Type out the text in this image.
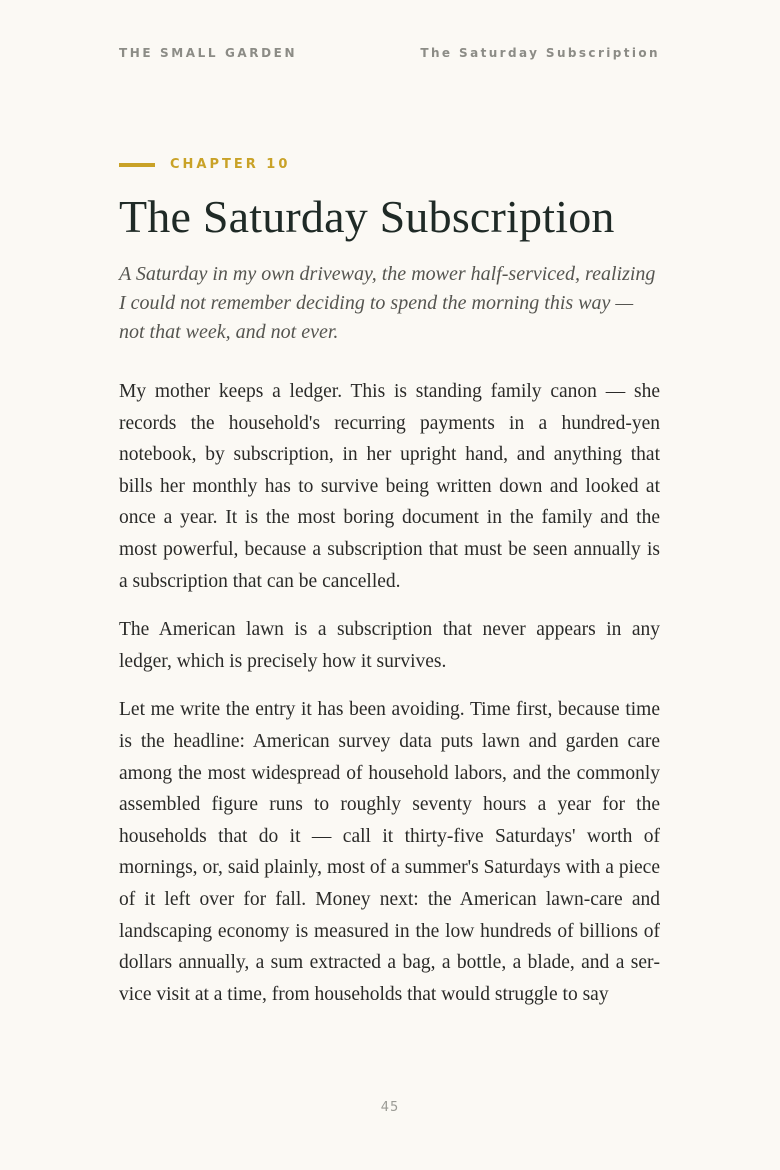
THE SMALL GARDEN	The Saturday Subscription
CHAPTER 10
The Saturday Subscription

A Saturday in my own driveway, the mower half-serviced, realizing I could not remember deciding to spend the morning this way — not that week, and not ever.

My mother keeps a ledger. This is standing family canon — she records the household's recurring payments in a hundred-yen notebook, by subscription, in her upright hand, and anything that bills her monthly has to survive being written down and looked at once a year. It is the most boring document in the family and the most powerful, because a subscription that must be seen annually is a subscription that can be cancelled.

The American lawn is a subscription that never appears in any ledger, which is precisely how it survives.

Let me write the entry it has been avoiding. Time first, because time is the headline: American survey data puts lawn and garden care among the most widespread of household labors, and the commonly assembled figure runs to roughly seventy hours a year for the households that do it — call it thirty-five Saturdays' worth of mornings, or, said plainly, most of a summer's Saturdays with a piece of it left over for fall. Money next: the American lawn-care and landscaping economy is measured in the low hundreds of billions of dollars annually, a sum extracted a bag, a bottle, a blade, and a service visit at a time, from households that would struggle to say

45
